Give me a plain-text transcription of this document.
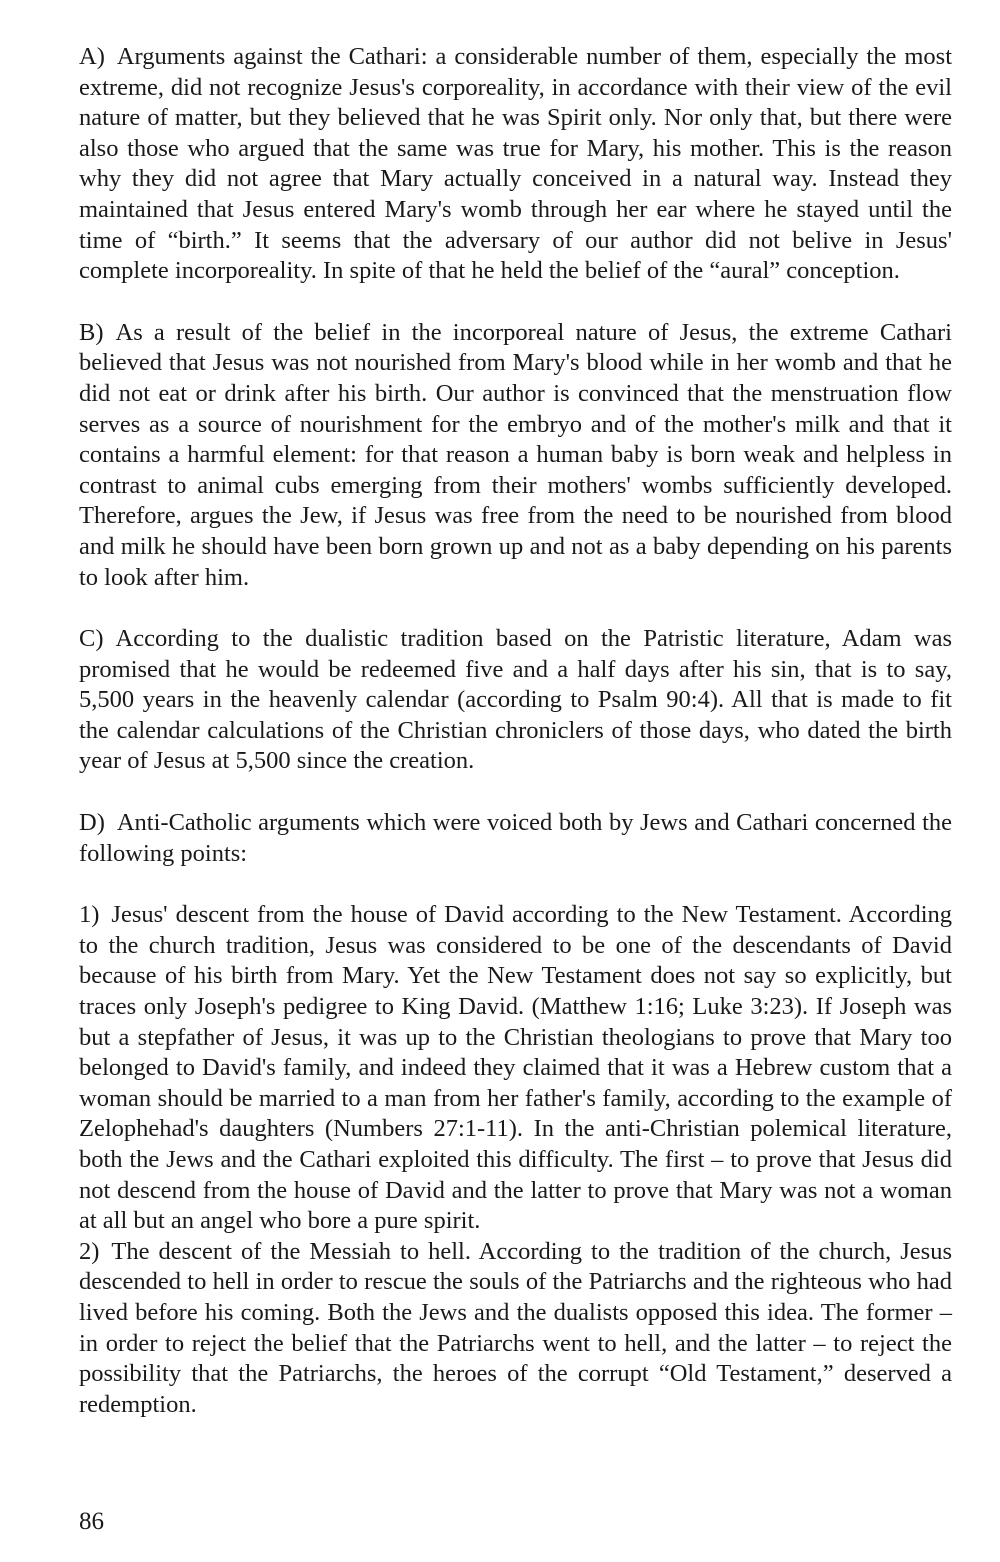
A) Arguments against the Cathari: a considerable number of them, especially the most extreme, did not recognize Jesus's corporeality, in accordance with their view of the evil nature of matter, but they believed that he was Spirit only. Nor only that, but there were also those who argued that the same was true for Mary, his mother. This is the reason why they did not agree that Mary actually conceived in a natural way. Instead they maintained that Jesus entered Mary's womb through her ear where he stayed until the time of “birth.” It seems that the adversary of our author did not belive in Jesus' complete incorporeality. In spite of that he held the belief of the “aural” conception.

B) As a result of the belief in the incorporeal nature of Jesus, the extreme Cathari believed that Jesus was not nourished from Mary's blood while in her womb and that he did not eat or drink after his birth. Our author is convinced that the menstruation flow serves as a source of nourishment for the embryo and of the mother's milk and that it contains a harmful element: for that reason a human baby is born weak and helpless in contrast to animal cubs emerging from their mothers' wombs sufficiently developed. Therefore, argues the Jew, if Jesus was free from the need to be nourished from blood and milk he should have been born grown up and not as a baby depending on his parents to look after him.

C) According to the dualistic tradition based on the Patristic literature, Adam was promised that he would be redeemed five and a half days after his sin, that is to say, 5,500 years in the heavenly calendar (according to Psalm 90:4). All that is made to fit the calendar calculations of the Christian chroniclers of those days, who dated the birth year of Jesus at 5,500 since the creation.

D) Anti-Catholic arguments which were voiced both by Jews and Cathari concerned the following points:

1) Jesus' descent from the house of David according to the New Testament. According to the church tradition, Jesus was considered to be one of the descendants of David because of his birth from Mary. Yet the New Testament does not say so explicitly, but traces only Joseph's pedigree to King David. (Matthew 1:16; Luke 3:23). If Joseph was but a stepfather of Jesus, it was up to the Christian theologians to prove that Mary too belonged to David's family, and indeed they claimed that it was a Hebrew custom that a woman should be married to a man from her father's family, according to the example of Zelophehad's daughters (Numbers 27:1-11). In the anti-Christian polemical literature, both the Jews and the Cathari exploited this difficulty. The first – to prove that Jesus did not descend from the house of David and the latter to prove that Mary was not a woman at all but an angel who bore a pure spirit.

2) The descent of the Messiah to hell. According to the tradition of the church, Jesus descended to hell in order to rescue the souls of the Patriarchs and the righteous who had lived before his coming. Both the Jews and the dualists opposed this idea. The former – in order to reject the belief that the Patriarchs went to hell, and the latter – to reject the possibility that the Patriarchs, the heroes of the corrupt “Old Testament,” deserved a redemption.

86
